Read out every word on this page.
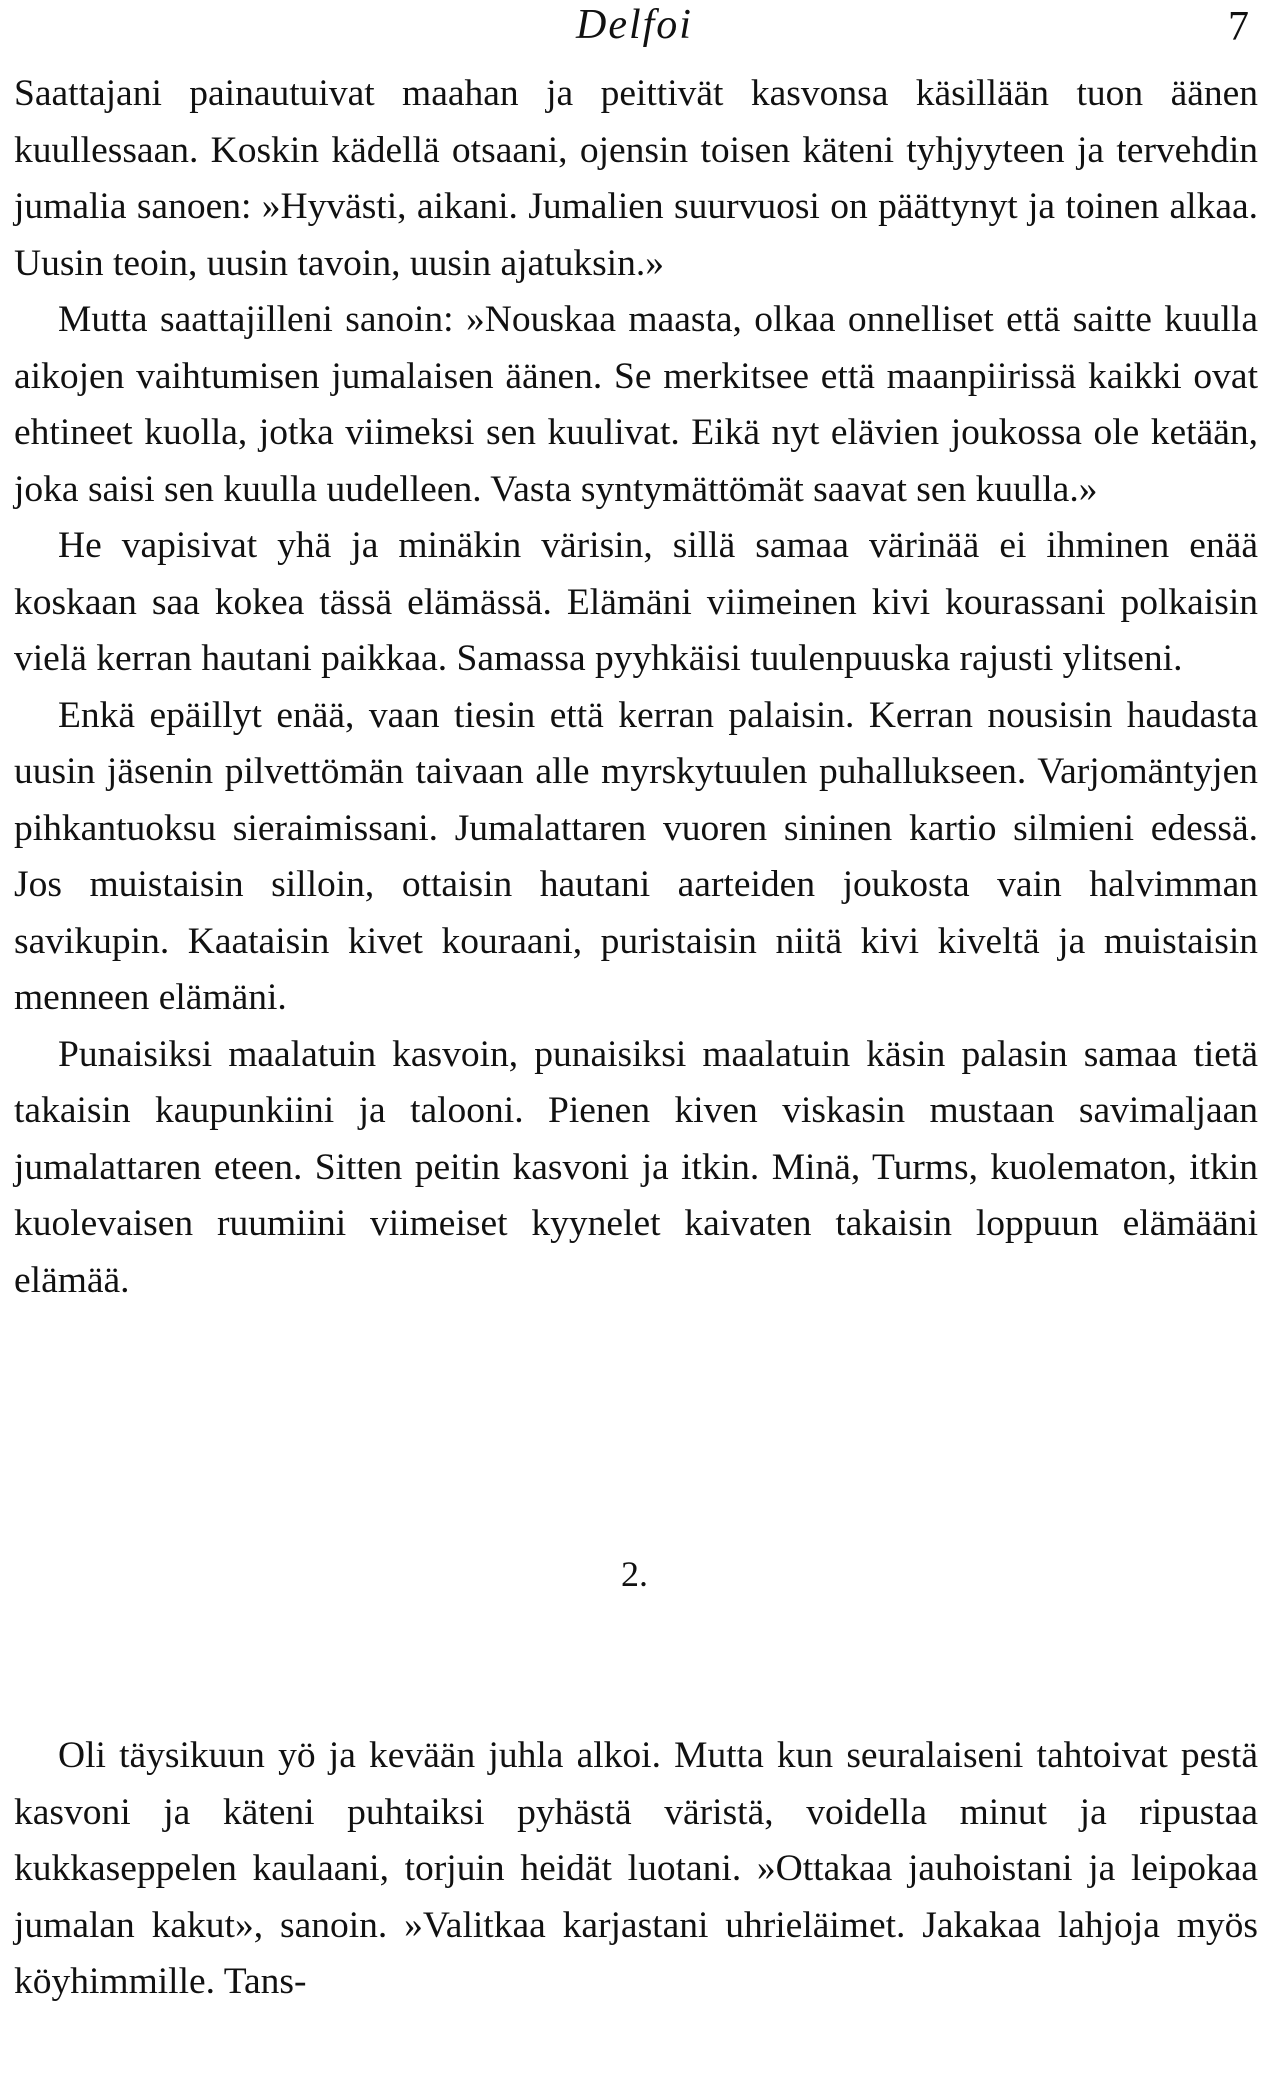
Delfoi	7

Saattajani painautuivat maahan ja peittivät kasvonsa käsillään tuon äänen kuullessaan. Koskin kädellä otsaani, ojensin toisen käteni tyhjyyteen ja tervehdin jumalia sanoen: »Hyvästi, aikani. Jumalien suurvuosi on päättynyt ja toinen alkaa. Uusin teoin, uusin tavoin, uusin ajatuksin.»

Mutta saattajilleni sanoin: »Nouskaa maasta, olkaa onnelliset että saitte kuulla aikojen vaihtumisen jumalaisen äänen. Se merkitsee että maanpiirissä kaikki ovat ehtineet kuolla, jotka viimeksi sen kuulivat. Eikä nyt elävien joukossa ole ketään, joka saisi sen kuulla uudelleen. Vasta syntymättömät saavat sen kuulla.»

He vapisivat yhä ja minäkin värisin, sillä samaa värinää ei ihminen enää koskaan saa kokea tässä elämässä. Elämäni viimeinen kivi kourassani polkaisin vielä kerran hautani paikkaa. Samassa pyyhkäisi tuulenpuuska rajusti ylitseni.

Enkä epäillyt enää, vaan tiesin että kerran palaisin. Kerran nousisin haudasta uusin jäsenin pilvettömän taivaan alle myrskytuulen puhallukseen. Varjomäntyjen pihkantuoksu sieraimissani. Jumalattaren vuoren sininen kartio silmieni edessä. Jos muistaisin silloin, ottaisin hautani aarteiden joukosta vain halvimman savikupin. Kaataisin kivet kouraani, puristaisin niitä kivi kiveltä ja muistaisin menneen elämäni.

Punaisiksi maalatuin kasvoin, punaisiksi maalatuin käsin palasin samaa tietä takaisin kaupunkiini ja talooni. Pienen kiven viskasin mustaan savimaljaan jumalattaren eteen. Sitten peitin kasvoni ja itkin. Minä, Turms, kuolematon, itkin kuolevaisen ruumiini viimeiset kyynelet kaivaten takaisin loppuun elämääni elämää.

2.

Oli täysikuun yö ja kevään juhla alkoi. Mutta kun seuralaiseni tahtoivat pestä kasvoni ja käteni puhtaiksi pyhästä väristä, voidella minut ja ripustaa kukkaseppelen kaulaani, torjuin heidät luotani. »Ottakaa jauhoistani ja leipokaa jumalan kakut», sanoin. »Valitkaa karjastani uhrieläimet. Jakakaa lahjoja myös köyhimmille. Tans-
